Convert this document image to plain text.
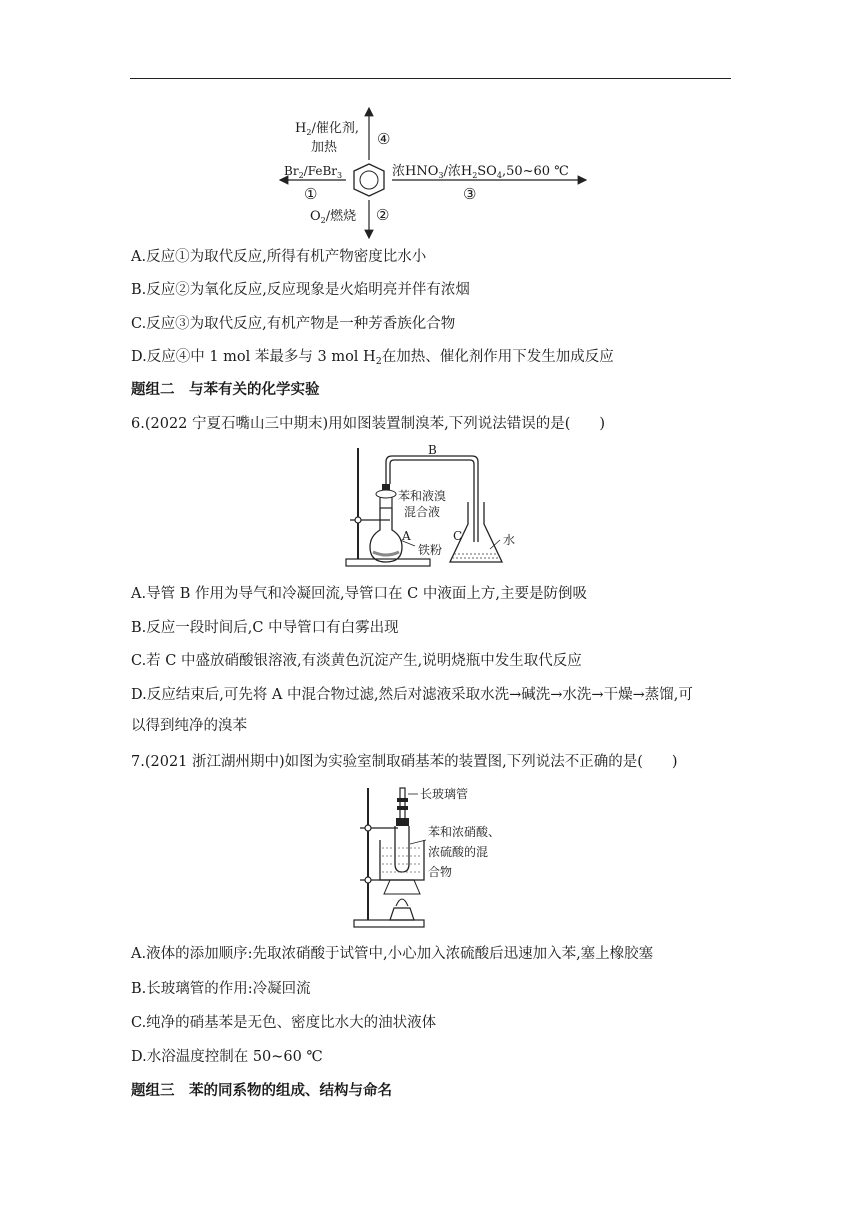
$H_2/$催化剂,
加热	④
$Br_2/FeBr_3$
①
浓$HNO_3/$浓$H_2SO_4,50\sim 60$ ℃
③
$O_2/$燃烧 ②
A.反应①为取代反应,所得有机产物密度比水小
B.反应②为氧化反应,反应现象是火焰明亮并伴有浓烟
C.反应③为取代反应,有机产物是一种芳香族化合物
D.反应④中 1 mol 苯最多与 3 mol $H_2$在加热、催化剂作用下发生加成反应
题组二　与苯有关的化学实验
6.(2022 宁夏石嘴山三中期末)用如图装置制溴苯,下列说法错误的是(　　)
B
苯和液溴
混合液
A	C
铁粉
水
A.导管 B 作用为导气和冷凝回流,导管口在 C 中液面上方,主要是防倒吸
B.反应一段时间后,C 中导管口有白雾出现
C.若 C 中盛放硝酸银溶液,有淡黄色沉淀产生,说明烧瓶中发生取代反应
D.反应结束后,可先将 A 中混合物过滤,然后对滤液采取水洗→碱洗→水洗→干燥→蒸馏,可
以得到纯净的溴苯
7.(2021 浙江湖州期中)如图为实验室制取硝基苯的装置图,下列说法不正确的是(　　)
长玻璃管
苯和浓硝酸、
浓硫酸的混
合物
A.液体的添加顺序:先取浓硝酸于试管中,小心加入浓硫酸后迅速加入苯,塞上橡胶塞
B.长玻璃管的作用:冷凝回流
C.纯净的硝基苯是无色、密度比水大的油状液体
D.水浴温度控制在 50~60 ℃
题组三　苯的同系物的组成、结构与命名
